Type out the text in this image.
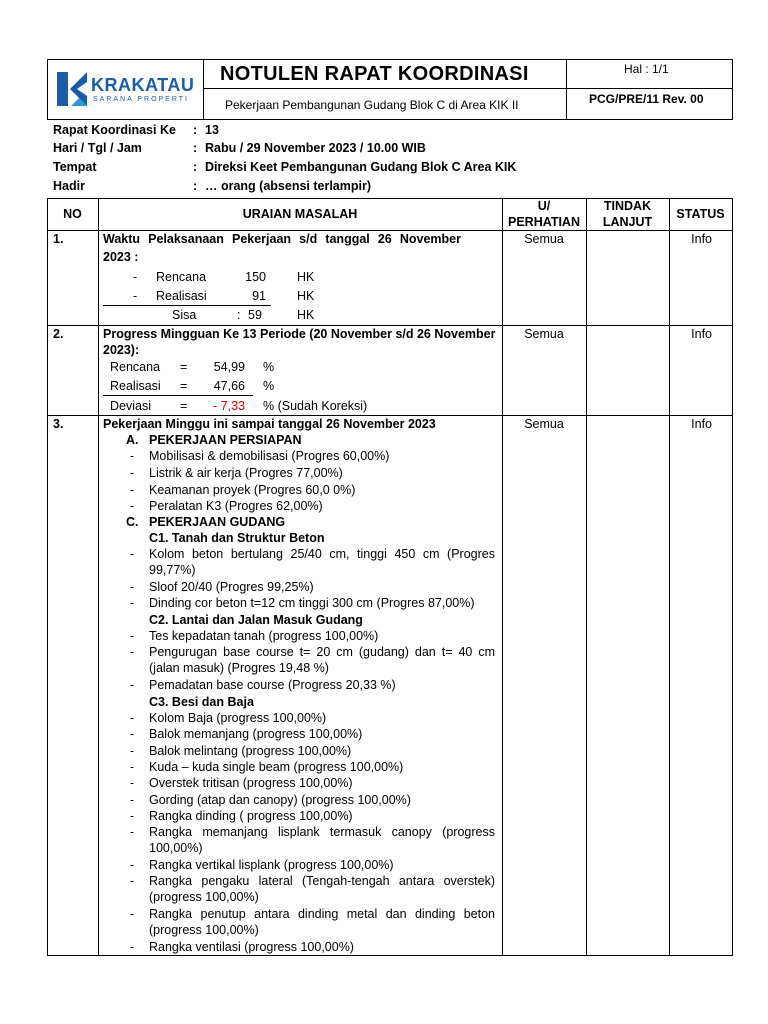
KRAKATAU
SARANA PROPERTI
NOTULEN RAPAT KOORDINASI
Pekerjaan Pembangunan Gudang Blok C di Area KIK II
Hal : 1/1
PCG/PRE/11 Rev. 00
Rapat Koordinasi Ke : 13
Hari / Tgl / Jam	: Rabu / 29 November 2023 / 10.00 WIB
Tempat	: Direksi Keet Pembangunan Gudang Blok C Area KIK
Hadir	: … orang (absensi terlampir)
NO	URAIAN MASALAH
U/
PERHATIAN
TINDAK
LANJUT
STATUS
1.	Waktu Pelaksanaan Pekerjaan s/d tanggal 26 November
2023 :
- Rencana	150 HK
- Realisasi	91 HK
Sisa	: 59	HK
Semua	Info
2.	Progress Mingguan Ke 13 Periode (20 November s/d 26 November
2023):
Rencana =	54,99 %
Realisasi =	47,66 %
Deviasi =	- 7,33 % (Sudah Koreksi)
Semua	Info
3.	Pekerjaan Minggu ini sampai tanggal 26 November 2023	Semua	Info
A. PEKERJAAN PERSIAPAN
-	Mobilisasi & demobilisasi (Progres 60,00%)
-	Listrik & air kerja (Progres 77,00%)
-	Keamanan proyek (Progres 60,0 0%)
-	Peralatan K3 (Progres 62,00%)
C. PEKERJAAN GUDANG
C1. Tanah dan Struktur Beton
-	Kolom beton bertulang 25/40 cm, tinggi 450 cm (Progres
99,77%)
-	Sloof 20/40 (Progres 99,25%)
-	Dinding cor beton t=12 cm tinggi 300 cm (Progres 87,00%)
C2. Lantai dan Jalan Masuk Gudang
-	Tes kepadatan tanah (progress 100,00%)
-	Pengurugan base course t= 20 cm (gudang) dan t= 40 cm
(jalan masuk) (Progres 19,48 %)
-	Pemadatan base course (Progress 20,33 %)
C3. Besi dan Baja
-	Kolom Baja (progress 100,00%)
-	Balok memanjang (progress 100,00%)
-	Balok melintang (progress 100,00%)
-	Kuda – kuda single beam (progress 100,00%)
-	Overstek tritisan (progress 100,00%)
-	Gording (atap dan canopy) (progress 100,00%)
-	Rangka dinding ( progress 100,00%)
-	Rangka memanjang lisplank termasuk canopy (progress
100,00%)
-	Rangka vertikal lisplank (progress 100,00%)
-	Rangka pengaku lateral (Tengah-tengah antara overstek)
(progress 100,00%)
-	Rangka penutup antara dinding metal dan dinding beton
(progress 100,00%)
-	Rangka ventilasi (progress 100,00%)
